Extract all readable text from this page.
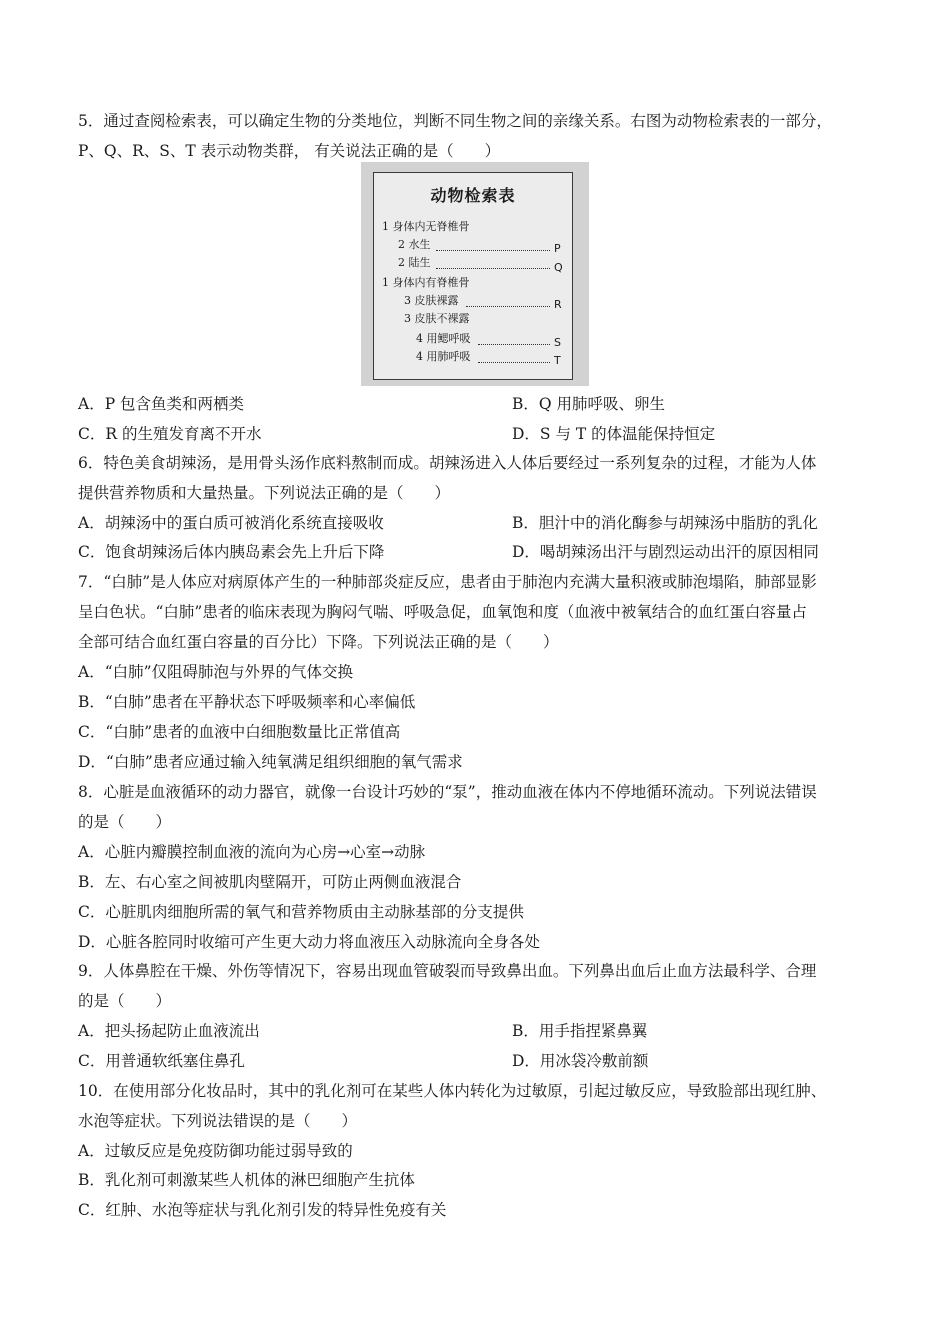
5．通过查阅检索表，可以确定生物的分类地位，判断不同生物之间的亲缘关系。右图为动物检索表的一部分，
P、Q、R、S、T 表示动物类群， 有关说法正确的是（　　）
动物检索表
1 身体内无脊椎骨
2 水生	P
2 陆生	Q
1 身体内有脊椎骨
3 皮肤裸露	R
3 皮肤不裸露
4 用鳃呼吸	S
4 用肺呼吸	T
A．P 包含鱼类和两栖类	B．Q 用肺呼吸、卵生
C．R 的生殖发育离不开水	D．S 与 T 的体温能保持恒定
6．特色美食胡辣汤，是用骨头汤作底料熬制而成。胡辣汤进入人体后要经过一系列复杂的过程，才能为人体
提供营养物质和大量热量。下列说法正确的是（　　）
A．胡辣汤中的蛋白质可被消化系统直接吸收	B．胆汁中的消化酶参与胡辣汤中脂肪的乳化
C．饱食胡辣汤后体内胰岛素会先上升后下降	D．喝胡辣汤出汗与剧烈运动出汗的原因相同
7．“白肺”是人体应对病原体产生的一种肺部炎症反应，患者由于肺泡内充满大量积液或肺泡塌陷，肺部显影
呈白色状。“白肺”患者的临床表现为胸闷气喘、呼吸急促，血氧饱和度（血液中被氧结合的血红蛋白容量占
全部可结合血红蛋白容量的百分比）下降。下列说法正确的是（　　）
A．“白肺”仅阻碍肺泡与外界的气体交换
B．“白肺”患者在平静状态下呼吸频率和心率偏低
C．“白肺”患者的血液中白细胞数量比正常值高
D．“白肺”患者应通过输入纯氧满足组织细胞的氧气需求
8．心脏是血液循环的动力器官，就像一台设计巧妙的“泵”，推动血液在体内不停地循环流动。下列说法错误
的是（　　）
A．心脏内瓣膜控制血液的流向为心房→心室→动脉
B．左、右心室之间被肌肉壁隔开，可防止两侧血液混合
C．心脏肌肉细胞所需的氧气和营养物质由主动脉基部的分支提供
D．心脏各腔同时收缩可产生更大动力将血液压入动脉流向全身各处
9．人体鼻腔在干燥、外伤等情况下，容易出现血管破裂而导致鼻出血。下列鼻出血后止血方法最科学、合理
的是（　　）
A．把头扬起防止血液流出	B．用手指捏紧鼻翼
C．用普通软纸塞住鼻孔	D．用冰袋冷敷前额
10．在使用部分化妆品时，其中的乳化剂可在某些人体内转化为过敏原，引起过敏反应，导致脸部出现红肿、
水泡等症状。下列说法错误的是（　　）
A．过敏反应是免疫防御功能过弱导致的
B．乳化剂可刺激某些人机体的淋巴细胞产生抗体
C．红肿、水泡等症状与乳化剂引发的特异性免疫有关
